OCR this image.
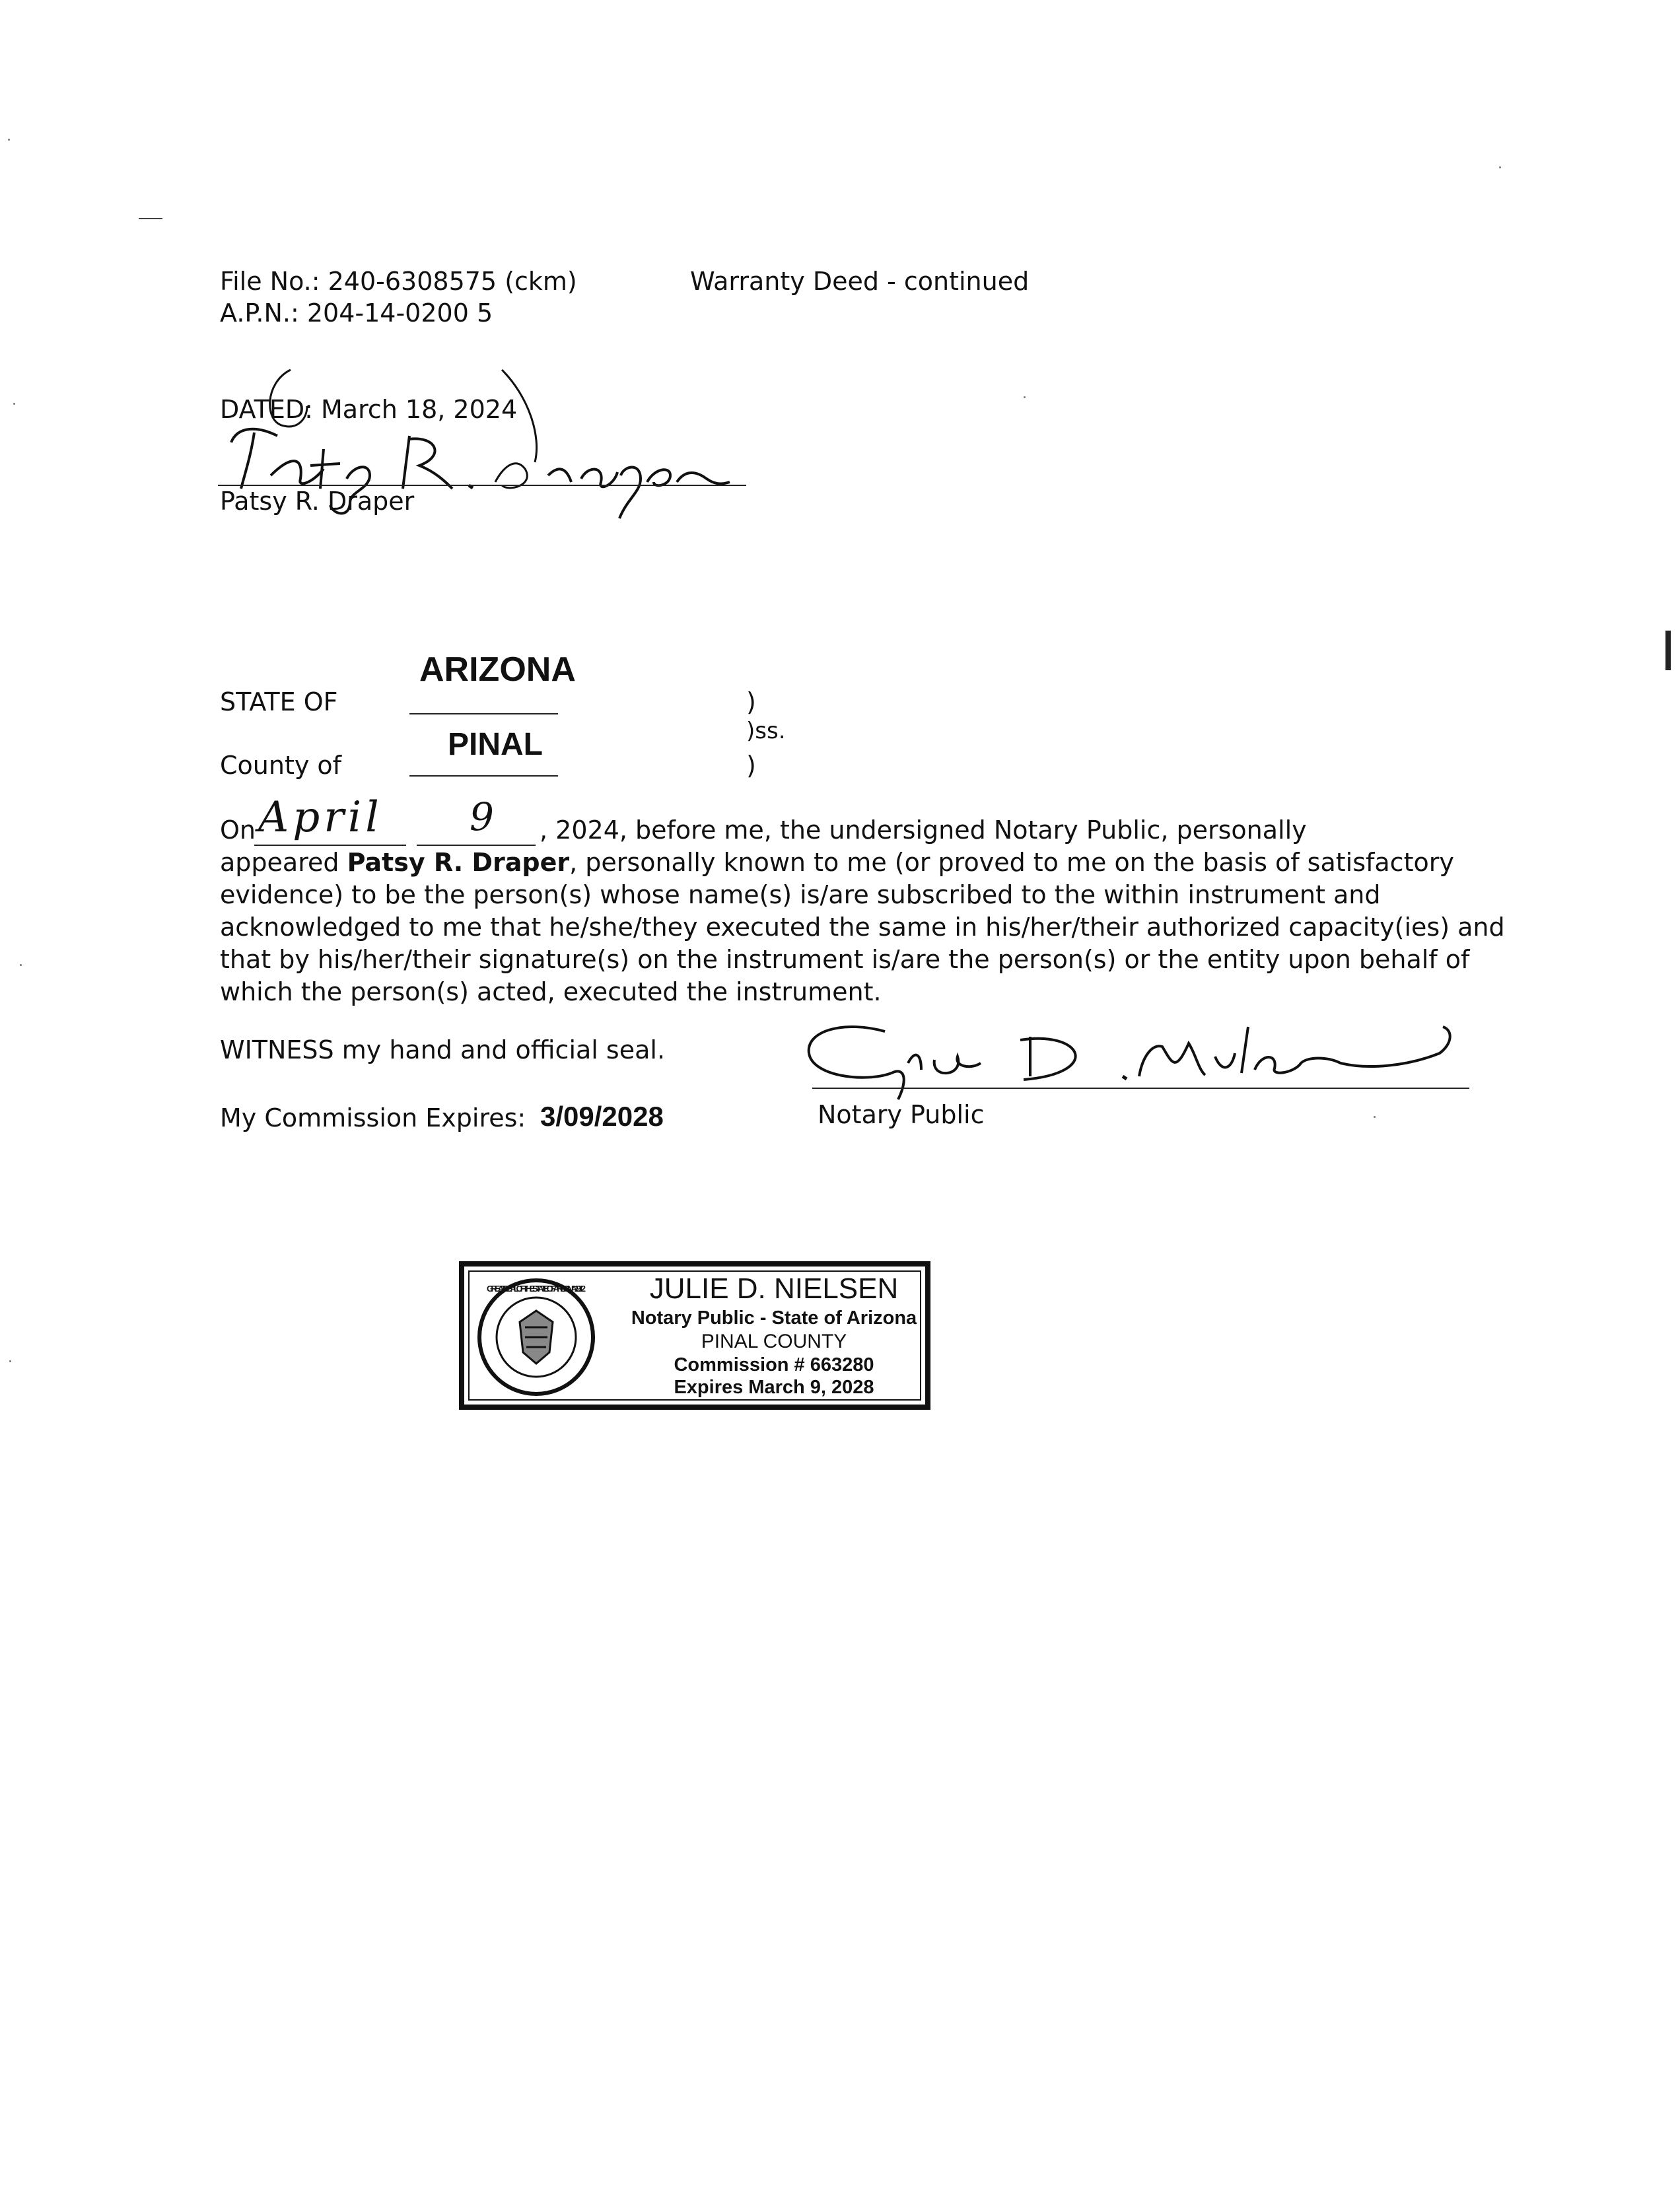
File No.: 240-6308575 (ckm)
A.P.N.: 204-14-0200 5
Warranty Deed - continued
DATED: March 18, 2024
Patsy R. Draper
ARIZONA
STATE OF
PINAL
County of
)
)ss.
)
On April 9 , 2024, before me, the undersigned Notary Public, personally
appeared Patsy R. Draper, personally known to me (or proved to me on the basis of satisfactory
evidence) to be the person(s) whose name(s) is/are subscribed to the within instrument and
acknowledged to me that he/she/they executed the same in his/her/their authorized capacity(ies) and
that by his/her/their signature(s) on the instrument is/are the person(s) or the entity upon behalf of
which the person(s) acted, executed the instrument.
WITNESS my hand and official seal.
My Commission Expires: 3/09/2028	Notary Public
GREAT SEAL OF THE STATE OF ARIZONA 1912	JULIE D. NIELSEN
Notary Public - State of Arizona
PINAL COUNTY
Commission # 663280
Expires March 9, 2028
